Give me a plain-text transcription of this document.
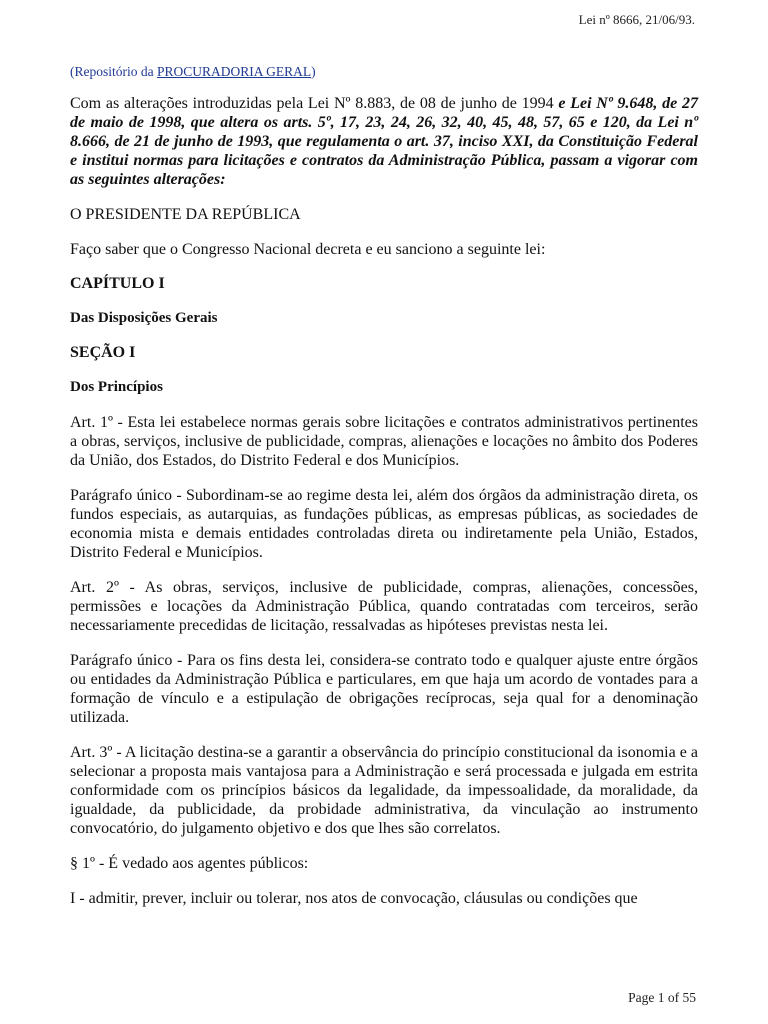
Lei nº 8666, 21/06/93.
(Repositório da PROCURADORIA GERAL)
Com as alterações introduzidas pela Lei Nº 8.883, de 08 de junho de 1994 e Lei Nº 9.648, de 27 de maio de 1998, que altera os arts. 5º, 17, 23, 24, 26, 32, 40, 45, 48, 57, 65 e 120, da Lei nº 8.666, de 21 de junho de 1993, que regulamenta o art. 37, inciso XXI, da Constituição Federal e institui normas para licitações e contratos da Administração Pública, passam a vigorar com as seguintes alterações:

O PRESIDENTE DA REPÚBLICA

Faço saber que o Congresso Nacional decreta e eu sanciono a seguinte lei:

CAPÍTULO I
Das Disposições Gerais
SEÇÃO I
Dos Princípios

Art. 1º - Esta lei estabelece normas gerais sobre licitações e contratos administrativos pertinentes a obras, serviços, inclusive de publicidade, compras, alienações e locações no âmbito dos Poderes da União, dos Estados, do Distrito Federal e dos Municípios.

Parágrafo único - Subordinam-se ao regime desta lei, além dos órgãos da administração direta, os fundos especiais, as autarquias, as fundações públicas, as empresas públicas, as sociedades de economia mista e demais entidades controladas direta ou indiretamente pela União, Estados, Distrito Federal e Municípios.

Art. 2º - As obras, serviços, inclusive de publicidade, compras, alienações, concessões, permissões e locações da Administração Pública, quando contratadas com terceiros, serão necessariamente precedidas de licitação, ressalvadas as hipóteses previstas nesta lei.

Parágrafo único - Para os fins desta lei, considera-se contrato todo e qualquer ajuste entre órgãos ou entidades da Administração Pública e particulares, em que haja um acordo de vontades para a formação de vínculo e a estipulação de obrigações recíprocas, seja qual for a denominação utilizada.

Art. 3º - A licitação destina-se a garantir a observância do princípio constitucional da isonomia e a selecionar a proposta mais vantajosa para a Administração e será processada e julgada em estrita conformidade com os princípios básicos da legalidade, da impessoalidade, da moralidade, da igualdade, da publicidade, da probidade administrativa, da vinculação ao instrumento convocatório, do julgamento objetivo e dos que lhes são correlatos.

§ 1º - É vedado aos agentes públicos:

I - admitir, prever, incluir ou tolerar, nos atos de convocação, cláusulas ou condições que

Page 1 of 55
